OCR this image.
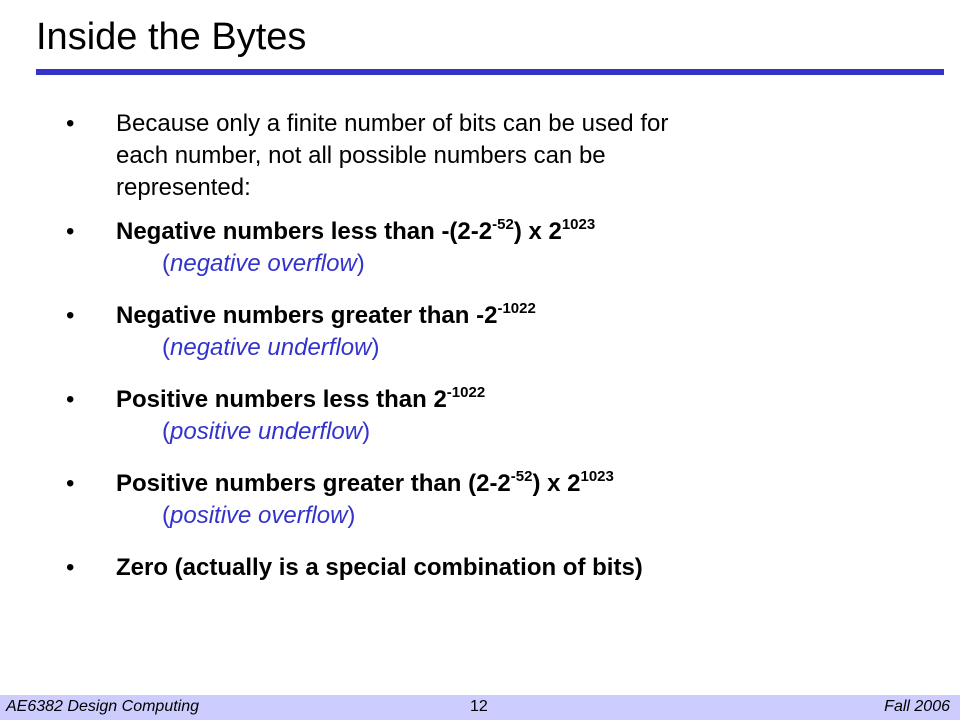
Inside the Bytes
• Because only a finite number of bits can be used for
each number, not all possible numbers can be
represented:
• Negative numbers less than $-(2-2^{-52})$ x $2^{1023}$
(negative overflow)
• Negative numbers greater than $-2^{-1022}$
(negative underflow)
• Positive numbers less than $2^{-1022}$
(positive underflow)
• Positive numbers greater than $(2-2^{-52})$ x $2^{1023}$
(positive overflow)
• Zero (actually is a special combination of bits)
AE6382 Design Computing	12	Fall 2006
